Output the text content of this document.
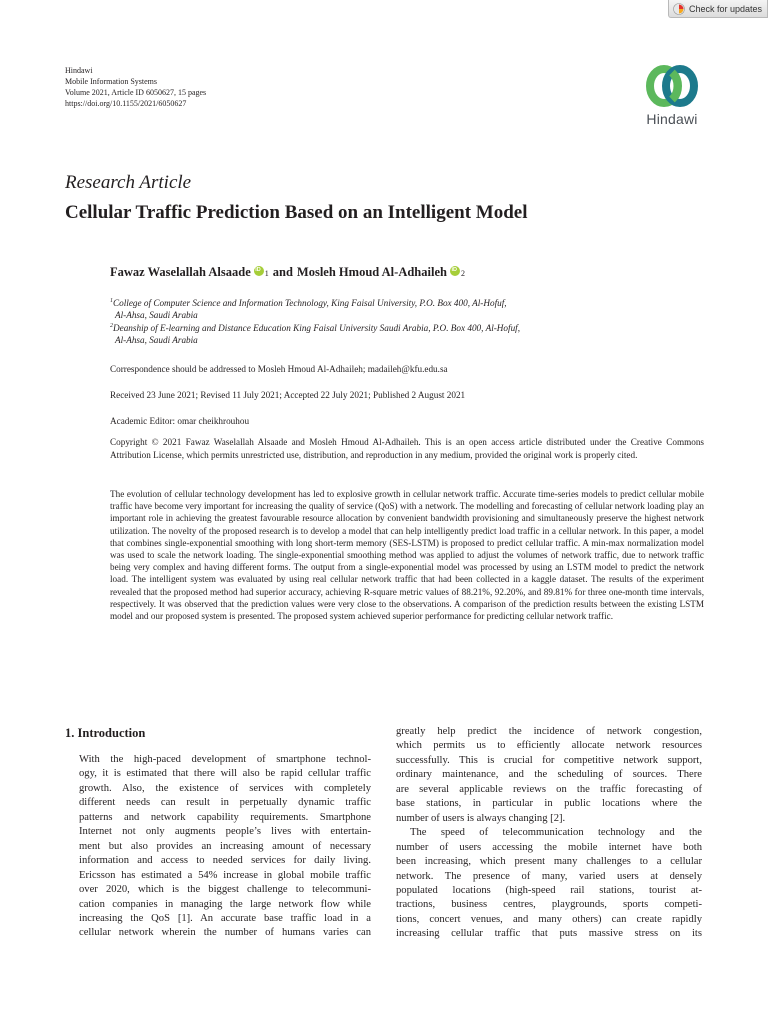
Check for updates
Hindawi
Mobile Information Systems
Volume 2021, Article ID 6050627, 15 pages
https://doi.org/10.1155/2021/6050627
Hindawi
Research Article
Cellular Traffic Prediction Based on an Intelligent Model
Fawaz Waselallah Alsaade iD $_1$ and Mosleh Hmoud Al-Adhaileh iD $_2$
$^1$College of Computer Science and Information Technology, King Faisal University, P.O. Box 400, Al-Hofuf,
Al-Ahsa, Saudi Arabia
$^2$Deanship of E-learning and Distance Education King Faisal University Saudi Arabia, P.O. Box 400, Al-Hofuf,
Al-Ahsa, Saudi Arabia
Correspondence should be addressed to Mosleh Hmoud Al-Adhaileh; madaileh@kfu.edu.sa
Received 23 June 2021; Revised 11 July 2021; Accepted 22 July 2021; Published 2 August 2021
Academic Editor: omar cheikhrouhou
Copyright © 2021 Fawaz Waselallah Alsaade and Mosleh Hmoud Al-Adhaileh. This is an open access article distributed under the Creative Commons Attribution License, which permits unrestricted use, distribution, and reproduction in any medium, provided the original work is properly cited.
The evolution of cellular technology development has led to explosive growth in cellular network traffic. Accurate time-series models to predict cellular mobile traffic have become very important for increasing the quality of service (QoS) with a network. The modelling and forecasting of cellular network loading play an important role in achieving the greatest favourable resource allocation by convenient bandwidth provisioning and simultaneously preserve the highest network utilization. The novelty of the proposed research is to develop a model that can help intelligently predict load traffic in a cellular network. In this paper, a model that combines single-exponential smoothing with long short-term memory (SES-LSTM) is proposed to predict cellular traffic. A min-max normalization model was used to scale the network loading. The single-exponential smoothing method was applied to adjust the volumes of network traffic, due to network traffic being very complex and having different forms. The output from a single-exponential model was processed by using an LSTM model to predict the network load. The intelligent system was evaluated by using real cellular network traffic that had been collected in a kaggle dataset. The results of the experiment revealed that the proposed method had superior accuracy, achieving R-square metric values of 88.21%, 92.20%, and 89.81% for three one-month time intervals, respectively. It was observed that the prediction values were very close to the observations. A comparison of the prediction results between the existing LSTM model and our proposed system is presented. The proposed system achieved superior performance for predicting cellular network traffic.
1. Introduction

With the high-paced development of smartphone technol-
ogy, it is estimated that there will also be rapid cellular traffic
growth. Also, the existence of services with completely
different needs can result in perpetually dynamic traffic
patterns and network capability requirements. Smartphone
Internet not only augments people’s lives with entertain-
ment but also provides an increasing amount of necessary
information and access to needed services for daily living.
Ericsson has estimated a 54% increase in global mobile traffic
over 2020, which is the biggest challenge to telecommuni-
cation companies in managing the large network flow while
increasing the QoS [1]. An accurate base traffic load in a
cellular network wherein the number of humans varies can

greatly help predict the incidence of network congestion,
which permits us to efficiently allocate network resources
successfully. This is crucial for competitive network support,
ordinary maintenance, and the scheduling of sources. There
are several applicable reviews on the traffic forecasting of
base stations, in particular in public locations where the
number of users is always changing [2].

The speed of telecommunication technology and the
number of users accessing the mobile internet have both
been increasing, which present many challenges to a cellular
network. The presence of many, varied users at densely
populated locations (high-speed rail stations, tourist at-
tractions, business centres, playgrounds, sports competi-
tions, concert venues, and many others) can create rapidly
increasing cellular traffic that puts massive stress on its
